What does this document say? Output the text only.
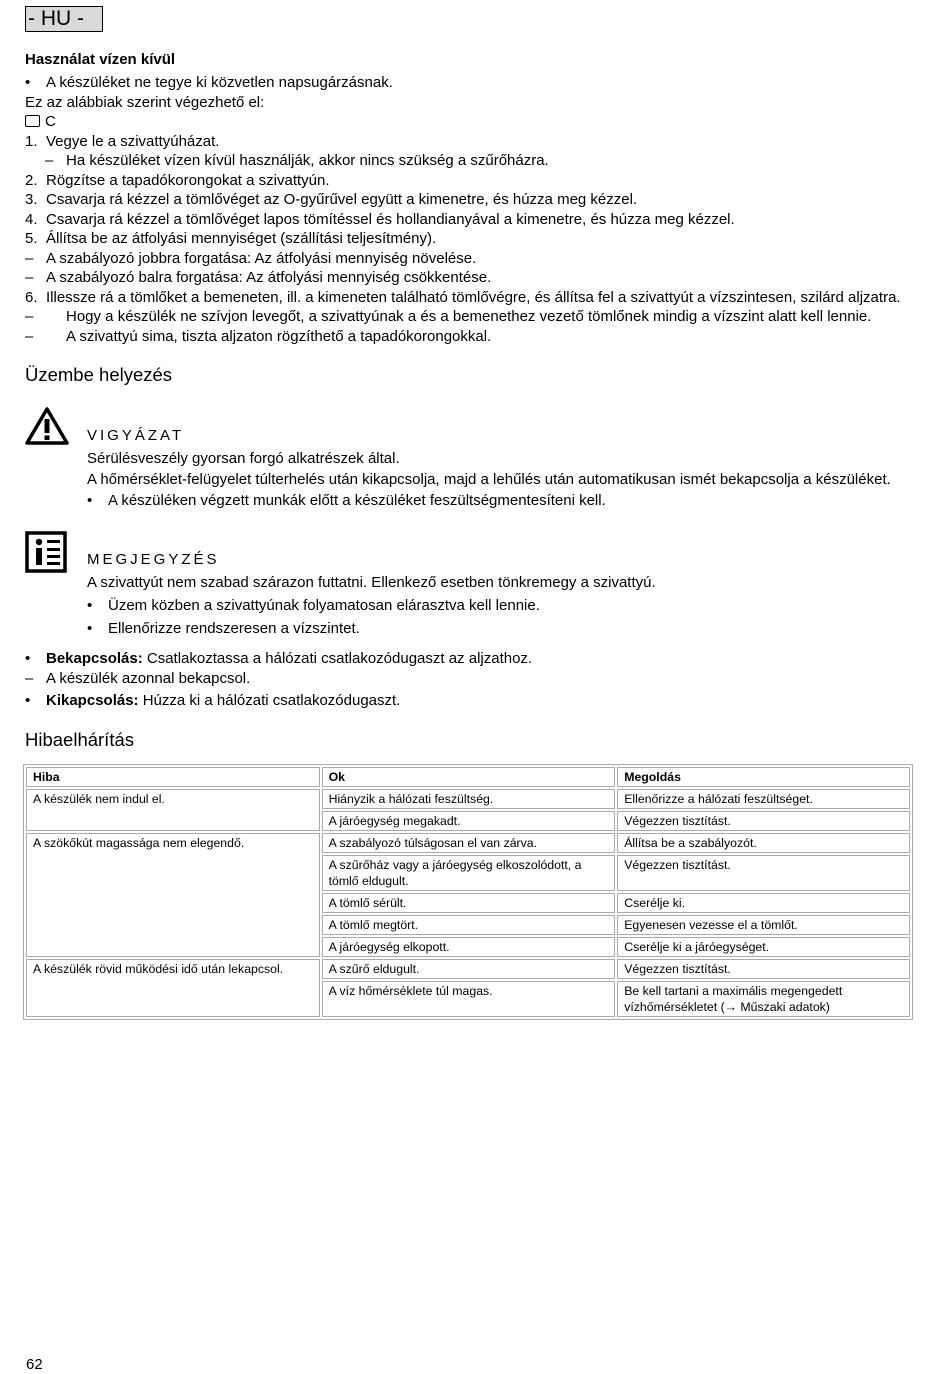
- HU -

Használat vízen kívül

•	A készüléket ne tegye ki közvetlen napsugárzásnak.

Ez az alábbiak szerint végezhető el:

C

1. Vegye le a szivattyúházat.
– Ha készüléket vízen kívül használják, akkor nincs szükség a szűrőházra.
2. Rögzítse a tapadókorongokat a szivattyún.
3. Csavarja rá kézzel a tömlővéget az O-gyűrűvel együtt a kimenetre, és húzza meg kézzel.
4. Csavarja rá kézzel a tömlővéget lapos tömítéssel és hollandianyával a kimenetre, és húzza meg kézzel.
5. Állítsa be az átfolyási mennyiséget (szállítási teljesítmény).
– A szabályozó jobbra forgatása: Az átfolyási mennyiség növelése.
– A szabályozó balra forgatása: Az átfolyási mennyiség csökkentése.
6. Illessze rá a tömlőket a bemeneten, ill. a kimeneten található tömlővégre, és állítsa fel a szivattyút a vízszintesen, szilárd aljzatra.
–	Hogy a készülék ne szívjon levegőt, a szivattyúnak a és a bemenethez vezető tömlőnek mindig a vízszint alatt kell lennie.
–	A szivattyú sima, tiszta aljzaton rögzíthető a tapadókorongokkal.

Üzembe helyezés

VIGYÁZAT

Sérülésveszély gyorsan forgó alkatrészek által.

A hőmérséklet-felügyelet túlterhelés után kikapcsolja, majd a lehűlés után automatikusan ismét bekapcsolja a készüléket.

•	A készüléken végzett munkák előtt a készüléket feszültségmentesíteni kell.

MEGJEGYZÉS

A szivattyút nem szabad szárazon futtatni. Ellenkező esetben tönkremegy a szivattyú.

•	Üzem közben a szivattyúnak folyamatosan elárasztva kell lennie.
•	Ellenőrizze rendszeresen a vízszintet.
•	Bekapcsolás: Csatlakoztassa a hálózati csatlakozódugaszt az aljzathoz.
– A készülék azonnal bekapcsol.
•	Kikapcsolás: Húzza ki a hálózati csatlakozódugaszt.

Hibaelhárítás

Hiba	Ok	Megoldás
A készülék nem indul el.	Hiányzik a hálózati feszültség.	Ellenőrizze a hálózati feszültséget.
	A járóegység megakadt.	Végezzen tisztítást.
A szökőkút magassága nem elegendő.	A szabályozó túlságosan el van zárva.	Állítsa be a szabályozót.
	A szűrőház vagy a járóegység elkoszolódott, a tömlő eldugult.	Végezzen tisztítást.
	A tömlő sérült.	Cserélje ki.
	A tömlő megtört.	Egyenesen vezesse el a tömlőt.
	A járóegység elkopott.	Cserélje ki a járóegységet.
A készülék rövid működési idő után lekapcsol.	A szűrő eldugult.	Végezzen tisztítást.
	A víz hőmérséklete túl magas.	Be kell tartani a maximális megengedett vízhőmérsékletet (→ Műszaki adatok)
62
